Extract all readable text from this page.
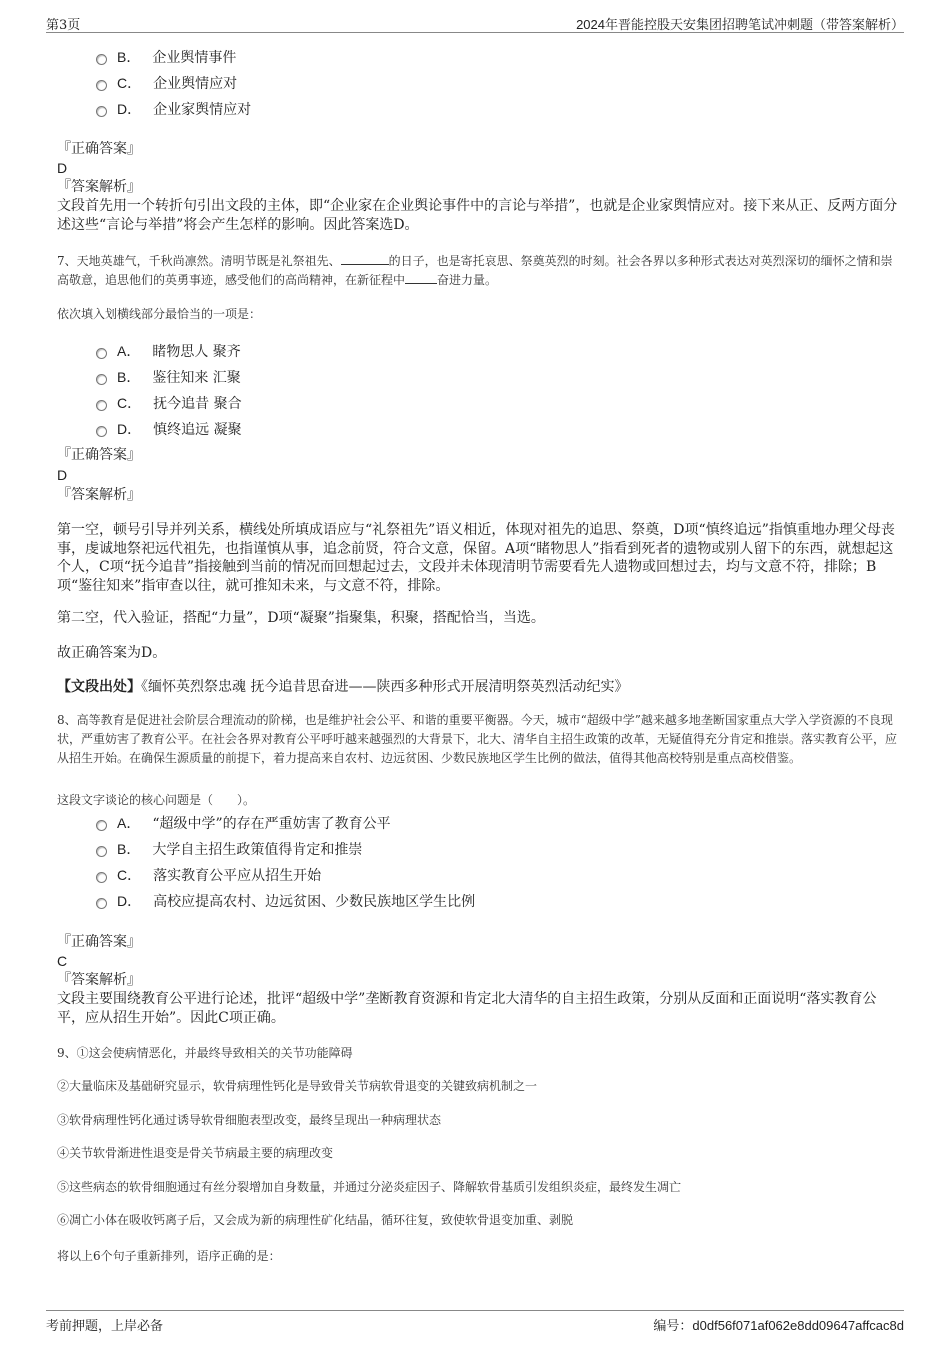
第3页	2024年晋能控股天安集团招聘笔试冲刺题（带答案解析）
B． 企业舆情事件
C． 企业舆情应对
D． 企业家舆情应对
『正确答案』
D
『答案解析』
文段首先用一个转折句引出文段的主体，即“企业家在企业舆论事件中的言论与举措”，也就是企业家舆情应对。接下来从正、反两方面分述这些“言论与举措”将会产生怎样的影响。因此答案选D。
7、天地英雄气，千秋尚凛然。清明节既是礼祭祖先、	的日子，也是寄托哀思、祭奠英烈的时刻。社会各界以多种形式表达对英烈深切的缅怀之情和崇高敬意，追思他们的英勇事迹，感受他们的高尚精神，在新征程中	奋进力量。
依次填入划横线部分最恰当的一项是：
A． 睹物思人 聚齐
B． 鉴往知来 汇聚
C． 抚今追昔 聚合
D． 慎终追远 凝聚
『正确答案』
D
『答案解析』
第一空，顿号引导并列关系，横线处所填成语应与“礼祭祖先”语义相近，体现对祖先的追思、祭奠，D项“慎终追远”指慎重地办理父母丧事，虔诚地祭祀远代祖先，也指谨慎从事，追念前贤，符合文意，保留。A项“睹物思人”指看到死者的遗物或别人留下的东西，就想起这个人，C项“抚今追昔”指接触到当前的情况而回想起过去，文段并未体现清明节需要看先人遗物或回想过去，均与文意不符，排除；B项“鉴往知来”指审查以往，就可推知未来，与文意不符，排除。
第二空，代入验证，搭配“力量”，D项“凝聚”指聚集，积聚，搭配恰当，当选。
故正确答案为D。
【文段出处】《缅怀英烈祭忠魂 抚今追昔思奋进——陕西多种形式开展清明祭英烈活动纪实》
8、高等教育是促进社会阶层合理流动的阶梯，也是维护社会公平、和谐的重要平衡器。今天，城市“超级中学”越来越多地垄断国家重点大学入学资源的不良现状，严重妨害了教育公平。在社会各界对教育公平呼吁越来越强烈的大背景下，北大、清华自主招生政策的改革，无疑值得充分肯定和推崇。落实教育公平，应从招生开始。在确保生源质量的前提下，着力提高来自农村、边远贫困、少数民族地区学生比例的做法，值得其他高校特别是重点高校借鉴。
这段文字谈论的核心问题是（　　）。
A． “超级中学”的存在严重妨害了教育公平
B． 大学自主招生政策值得肯定和推崇
C． 落实教育公平应从招生开始
D． 高校应提高农村、边远贫困、少数民族地区学生比例
『正确答案』
C
『答案解析』
文段主要围绕教育公平进行论述，批评“超级中学”垄断教育资源和肯定北大清华的自主招生政策，分别从反面和正面说明“落实教育公平，应从招生开始”。因此C项正确。
9、①这会使病情恶化，并最终导致相关的关节功能障碍
②大量临床及基础研究显示，软骨病理性钙化是导致骨关节病软骨退变的关键致病机制之一
③软骨病理性钙化通过诱导软骨细胞表型改变，最终呈现出一种病理状态
④关节软骨渐进性退变是骨关节病最主要的病理改变
⑤这些病态的软骨细胞通过有丝分裂增加自身数量，并通过分泌炎症因子、降解软骨基质引发组织炎症，最终发生凋亡
⑥凋亡小体在吸收钙离子后，又会成为新的病理性矿化结晶，循环往复，致使软骨退变加重、剥脱
将以上6个句子重新排列，语序正确的是：
考前押题，上岸必备	编号：d0df56f071af062e8dd09647affcac8d
